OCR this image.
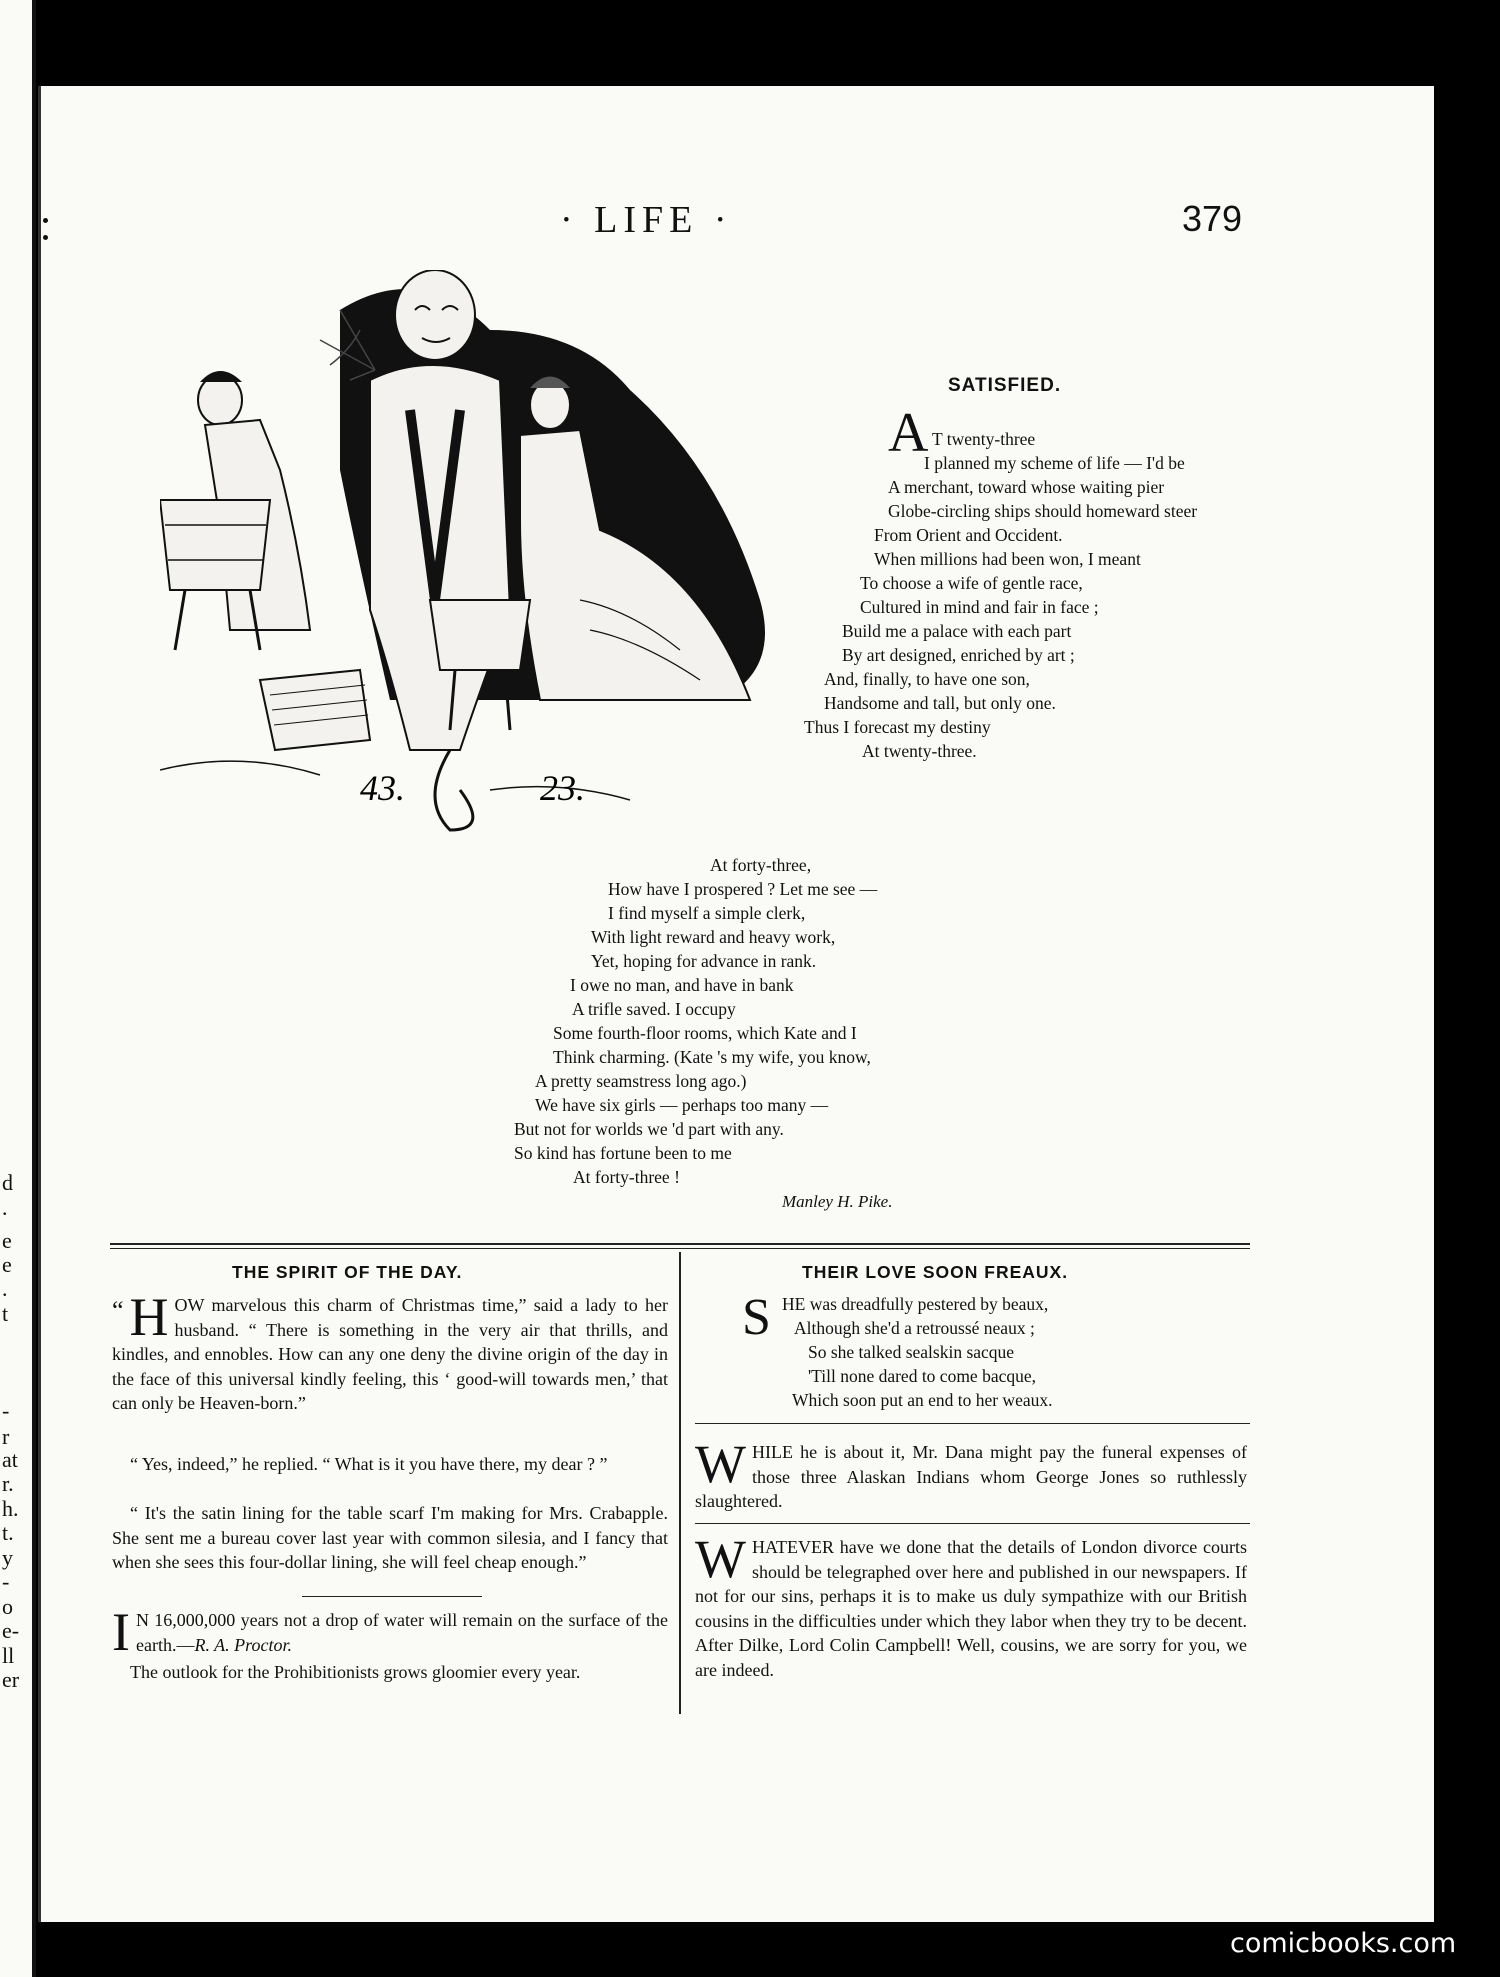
d
.
e
e
.
t
-
r
at
r.
h.
t.
y
-
o
e-
ll
er
· LIFE ·	379
43.	23.
SATISFIED.
A T twenty-three
I planned my scheme of life — I'd be
A merchant, toward whose waiting pier
Globe-circling ships should homeward steer
From Orient and Occident.
When millions had been won, I meant
To choose a wife of gentle race,
Cultured in mind and fair in face ;
Build me a palace with each part
By art designed, enriched by art ;
And, finally, to have one son,
Handsome and tall, but only one.
Thus I forecast my destiny
At twenty-three.
At forty-three,
How have I prospered ? Let me see —
I find myself a simple clerk,
With light reward and heavy work,
Yet, hoping for advance in rank.
I owe no man, and have in bank
A trifle saved. I occupy
Some fourth-floor rooms, which Kate and I
Think charming. (Kate 's my wife, you know,
A pretty seamstress long ago.)
We have six girls — perhaps too many —
But not for worlds we 'd part with any.
So kind has fortune been to me
At forty-three !
Manley H. Pike.
THE SPIRIT OF THE DAY.
“ H OW marvelous this charm of Christmas time,” said a lady to her husband. “ There is something in the very air that thrills, and kindles, and ennobles. How can any one deny the divine origin of the day in the face of this universal kindly feeling, this ‘ good-will towards men,’ that can only be Heaven-born.”
“ Yes, indeed,” he replied. “ What is it you have there, my dear ? ”
“ It's the satin lining for the table scarf I'm making for Mrs. Crabapple. She sent me a bureau cover last year with common silesia, and I fancy that when she sees this four-dollar lining, she will feel cheap enough.”
I N 16,000,000 years not a drop of water will remain on the surface of the earth.—R. A. Proctor.
The outlook for the Prohibitionists grows gloomier every year.
THEIR LOVE SOON FREAUX.
S HE was dreadfully pestered by beaux,
Although she'd a retroussé neaux ;
So she talked sealskin sacque
'Till none dared to come bacque,
Which soon put an end to her weaux.
W HILE he is about it, Mr. Dana might pay the funeral expenses of those three Alaskan Indians whom George Jones so ruthlessly slaughtered.
W HATEVER have we done that the details of London divorce courts should be telegraphed over here and published in our newspapers. If not for our sins, perhaps it is to make us duly sympathize with our British cousins in the difficulties under which they labor when they try to be decent. After Dilke, Lord Colin Campbell! Well, cousins, we are sorry for you, we are indeed.
comicbooks.com
